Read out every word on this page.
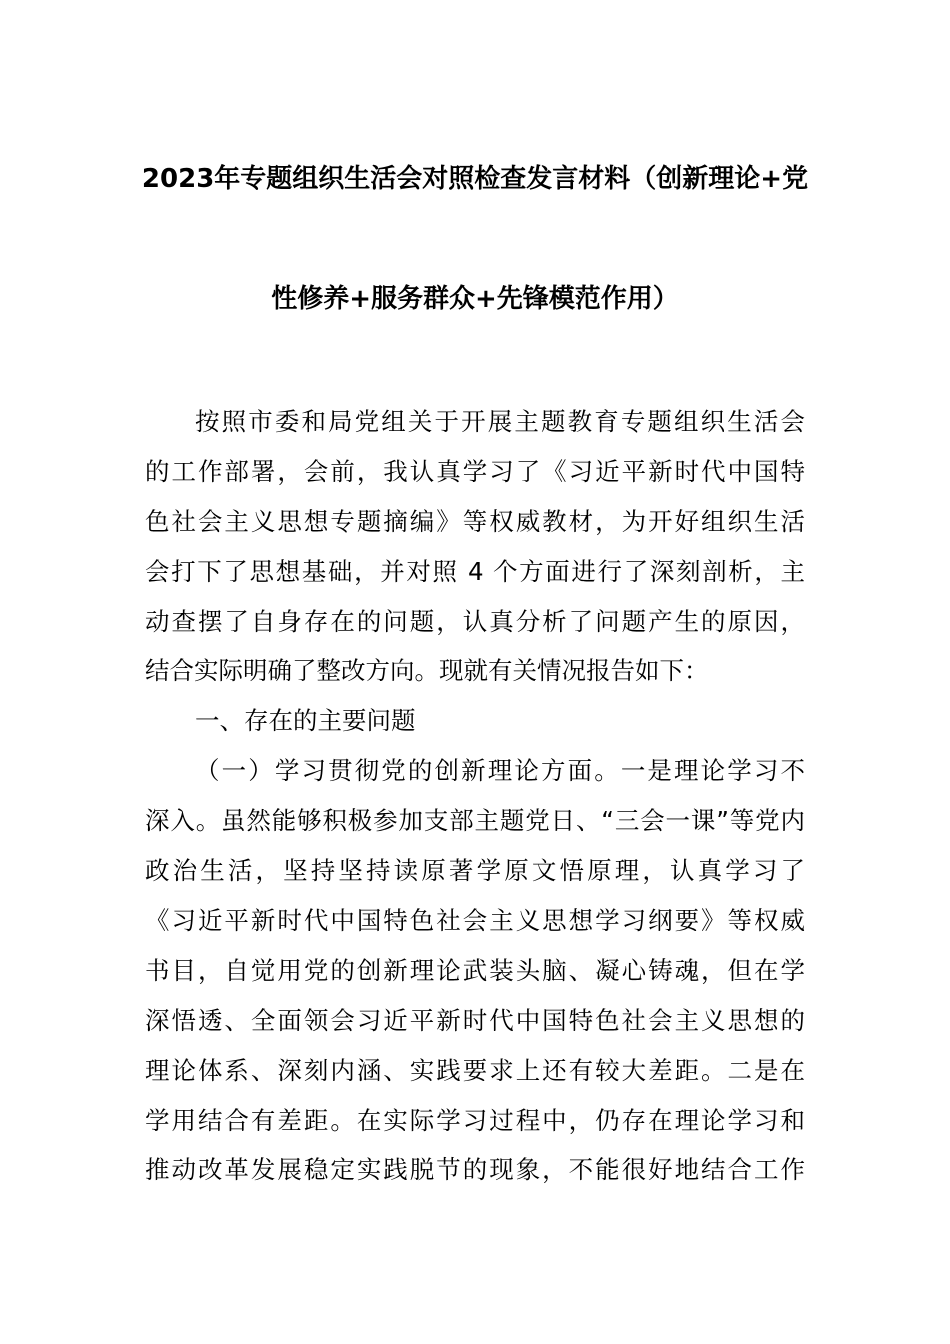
2023年专题组织生活会对照检查发言材料（创新理论+党
性修养+服务群众+先锋模范作用）
按照市委和局党组关于开展主题教育专题组织生活会
的工作部署，会前，我认真学习了《习近平新时代中国特
色社会主义思想专题摘编》等权威教材，为开好组织生活
会打下了思想基础，并对照 4 个方面进行了深刻剖析，主
动查摆了自身存在的问题，认真分析了问题产生的原因，
结合实际明确了整改方向。现就有关情况报告如下：
一、存在的主要问题
（一）学习贯彻党的创新理论方面。一是理论学习不
深入。虽然能够积极参加支部主题党日、“三会一课”等党内
政治生活，坚持坚持读原著学原文悟原理，认真学习了
《习近平新时代中国特色社会主义思想学习纲要》等权威
书目，自觉用党的创新理论武装头脑、凝心铸魂，但在学
深悟透、全面领会习近平新时代中国特色社会主义思想的
理论体系、深刻内涵、实践要求上还有较大差距。二是在
学用结合有差距。在实际学习过程中，仍存在理论学习和
推动改革发展稳定实践脱节的现象，不能很好地结合工作
